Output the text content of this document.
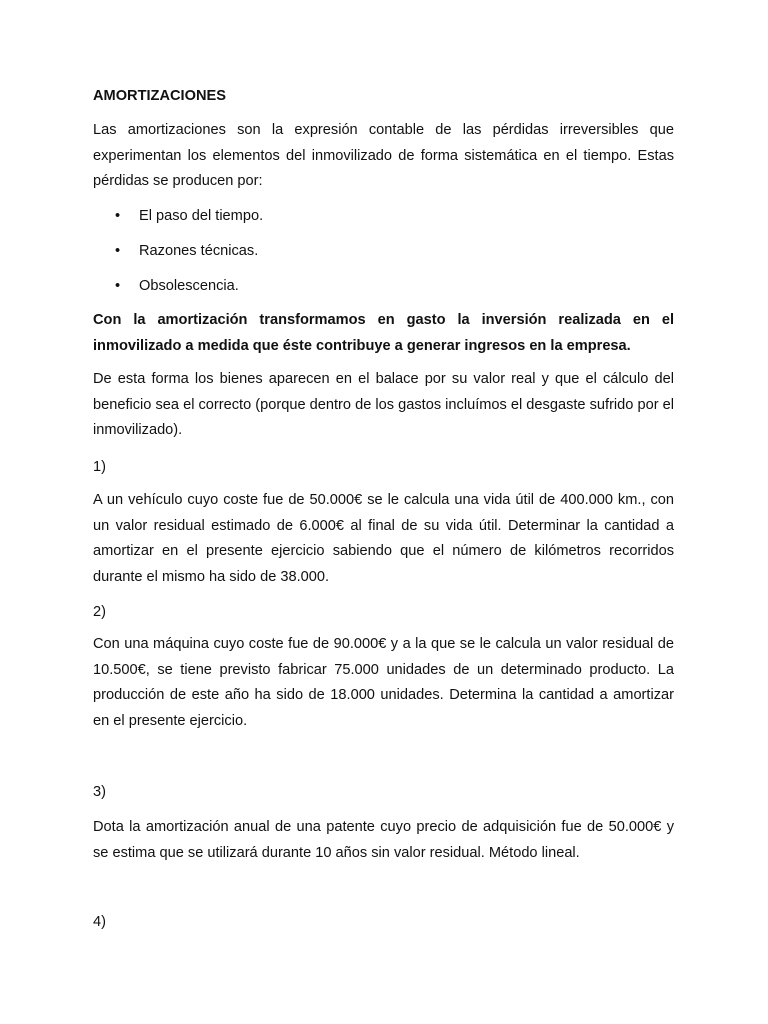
AMORTIZACIONES

Las amortizaciones son la expresión contable de las pérdidas irreversibles que experimentan los elementos del inmovilizado de forma sistemática en el tiempo. Estas pérdidas se producen por:

• El paso del tiempo.
• Razones técnicas.
• Obsolescencia.

Con la amortización transformamos en gasto la inversión realizada en el inmovilizado a medida que éste contribuye a generar ingresos en la empresa.

De esta forma los bienes aparecen en el balace por su valor real y que el cálculo del beneficio sea el correcto (porque dentro de los gastos incluímos el desgaste sufrido por el inmovilizado).

1)

A un vehículo cuyo coste fue de 50.000€ se le calcula una vida útil de 400.000 km., con un valor residual estimado de 6.000€ al final de su vida útil. Determinar la cantidad a amortizar en el presente ejercicio sabiendo que el número de kilómetros recorridos durante el mismo ha sido de 38.000.

2)

Con una máquina cuyo coste fue de 90.000€ y a la que se le calcula un valor residual de 10.500€, se tiene previsto fabricar 75.000 unidades de un determinado producto. La producción de este año ha sido de 18.000 unidades. Determina la cantidad a amortizar en el presente ejercicio.

3)

Dota la amortización anual de una patente cuyo precio de adquisición fue de 50.000€ y se estima que se utilizará durante 10 años sin valor residual. Método lineal.

4)
